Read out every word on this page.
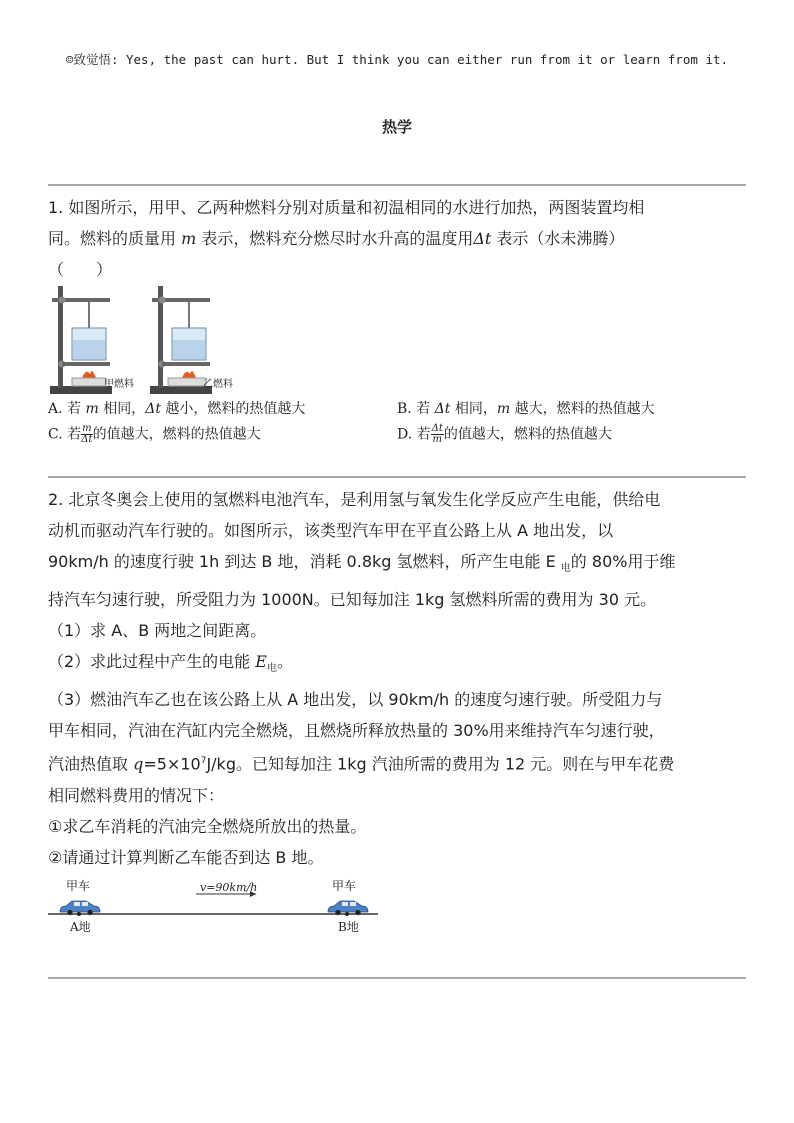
☺致觉悟: Yes, the past can hurt. But I think you can either run from it or learn from it.
热学
1. 如图所示，用甲、乙两种燃料分别对质量和初温相同的水进行加热，两图装置均相
同。燃料的质量用 m 表示，燃料充分燃尽时水升高的温度用Δt 表示（水未沸腾）
（　　）
甲燃料	乙燃料
A. 若 m 相同，Δt 越小，燃料的热值越大	B. 若 Δt 相同，m 越大，燃料的热值越大
C. 若 $\frac{m}{\Delta t}$ 的值越大，燃料的热值越大	D. 若 $\frac{\Delta t}{m}$ 的值越大，燃料的热值越大
2. 北京冬奥会上使用的氢燃料电池汽车，是利用氢与氧发生化学反应产生电能，供给电
动机而驱动汽车行驶的。如图所示，该类型汽车甲在平直公路上从 A 地出发，以
90km/h 的速度行驶 1h 到达 B 地，消耗 0.8kg 氢燃料，所产生电能 E $_电$的 80%用于维
持汽车匀速行驶，所受阻力为 1000N。已知每加注 1kg 氢燃料所需的费用为 30 元。
（1）求 A、B 两地之间距离。
（2）求此过程中产生的电能 $E_电$。
（3）燃油汽车乙也在该公路上从 A 地出发，以 90km/h 的速度匀速行驶。所受阻力与
甲车相同，汽油在汽缸内完全燃烧，且燃烧所释放热量的 30%用来维持汽车匀速行驶，
汽油热值取 $q=5\times 10^7J/kg$。已知每加注 1kg 汽油所需的费用为 12 元。则在与甲车花费
相同燃料费用的情况下：
①求乙车消耗的汽油完全燃烧所放出的热量。
②请通过计算判断乙车能否到达 B 地。
甲车	甲车
v=90km/h
A地	B地
